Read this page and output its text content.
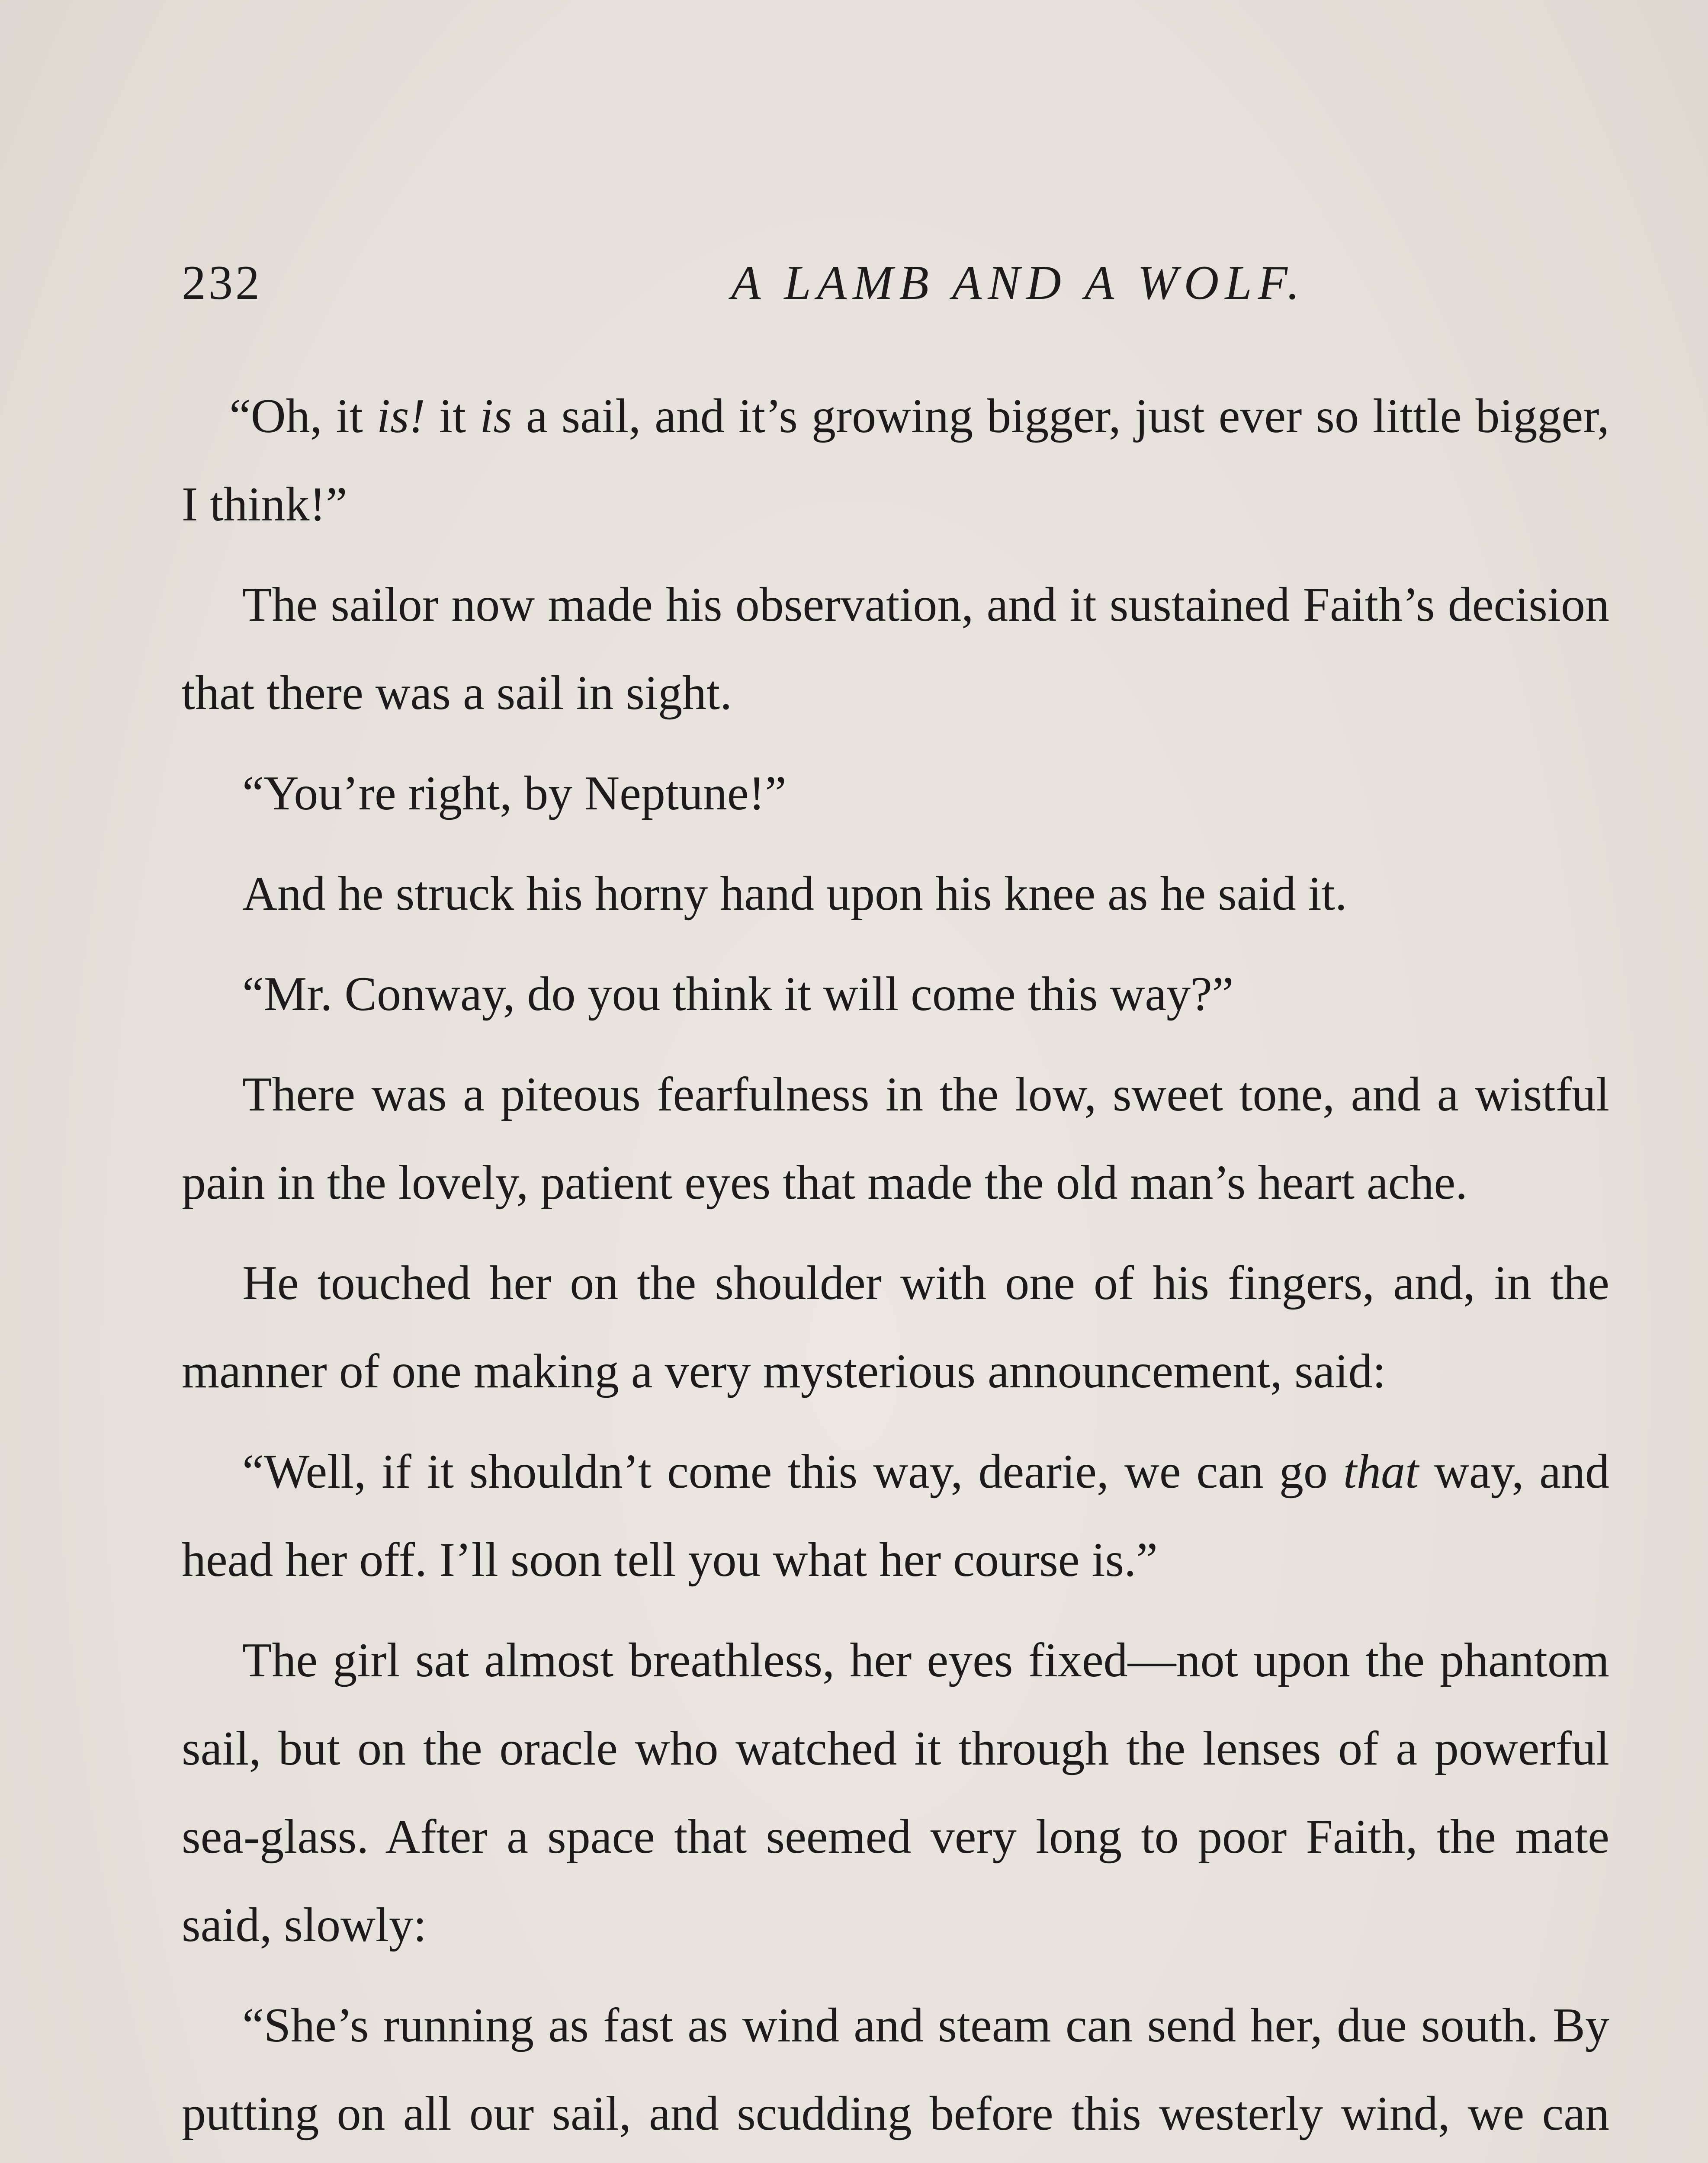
232	A LAMB AND A WOLF.

“Oh, it is! it is a sail, and it’s growing bigger, just ever so little bigger, I think!”

The sailor now made his observation, and it sustained Faith’s decision that there was a sail in sight.

“You’re right, by Neptune!”

And he struck his horny hand upon his knee as he said it.

“Mr. Conway, do you think it will come this way?”

There was a piteous fearfulness in the low, sweet tone, and a wistful pain in the lovely, patient eyes that made the old man’s heart ache.

He touched her on the shoulder with one of his fingers, and, in the manner of one making a very mysterious announcement, said:

“Well, if it shouldn’t come this way, dearie, we can go that way, and head her off. I’ll soon tell you what her course is.”

The girl sat almost breathless, her eyes fixed—not upon the phantom sail, but on the oracle who watched it through the lenses of a powerful sea-glass. After a space that seemed very long to poor Faith, the mate said, slowly:

“She’s running as fast as wind and steam can send her, due south. By putting on all our sail, and scudding before this westerly wind, we can
